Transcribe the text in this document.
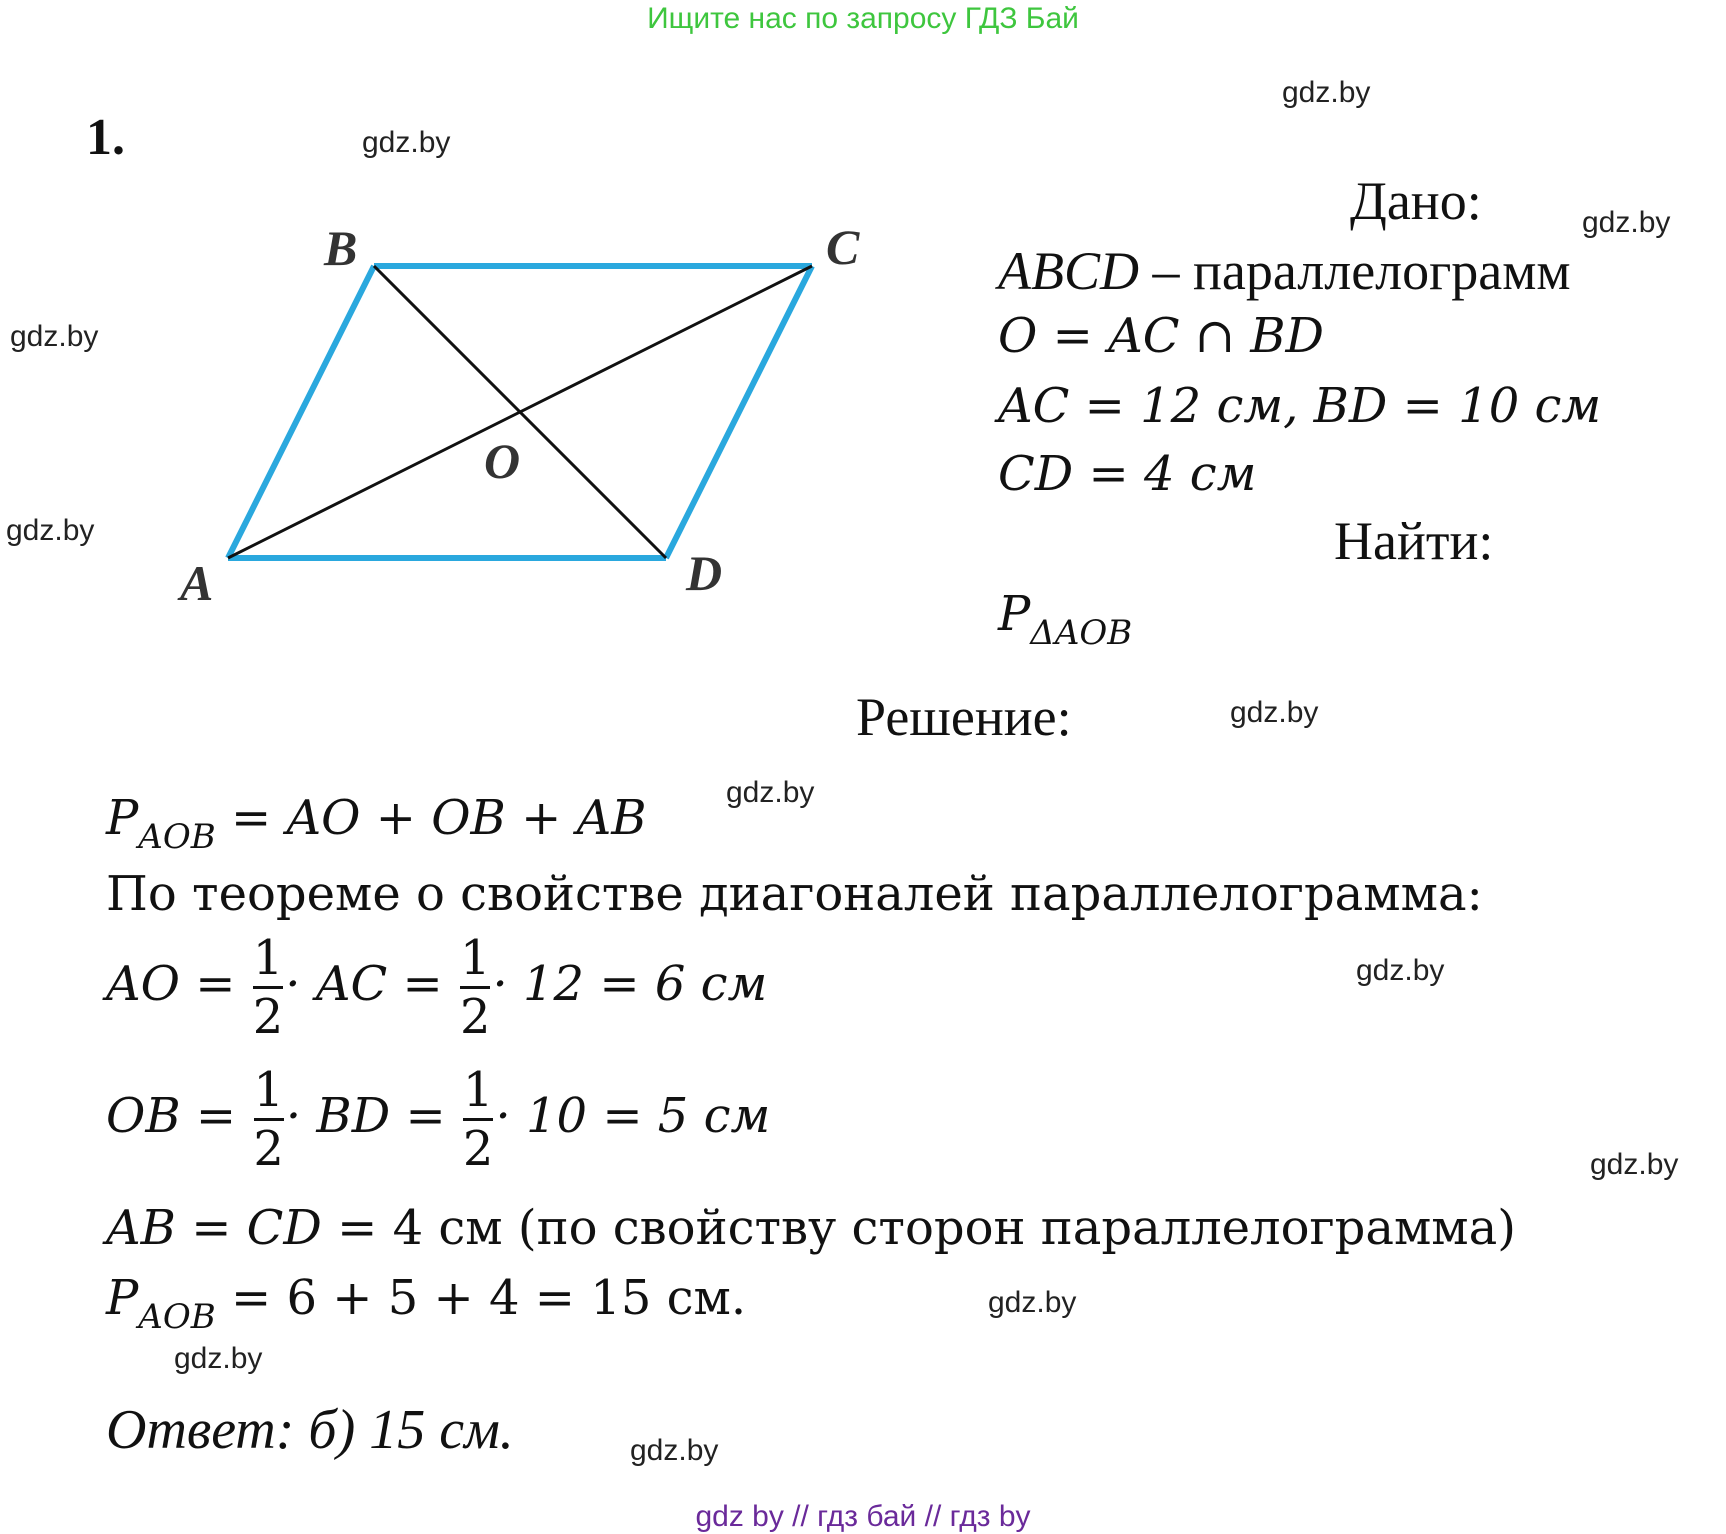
Ищите нас по запросу ГДЗ Бай
gdz.by
gdz.by
gdz.by
gdz.by
gdz.by
gdz.by
gdz.by
gdz.by
gdz.by
gdz.by
gdz.by
gdz.by
1.
A
B	C
D
O
Дано:
ABCD – параллелограмм
O = AC ∩ BD
AC = 12 см, BD = 10 см
CD = 4 см
Найти:
$P_{\Delta AOB}$
Решение:
$P_{AOB}$ = AO + OB + AB
По теореме о свойстве диагоналей параллелограмма:
AO = $\frac{1}{2}$ · AC = $\frac{1}{2} \cdot 12 = 6$ см
OB = $\frac{1}{2}$ · BD = $\frac{1}{2} \cdot 10 = 5$ см
AB = CD = 4 см (по свойству сторон параллелограмма)
$P_{AOB} = 6 + 5 + 4 = 15$ см.
Ответ: б) 15 см.
gdz by // гдз бай // гдз by
